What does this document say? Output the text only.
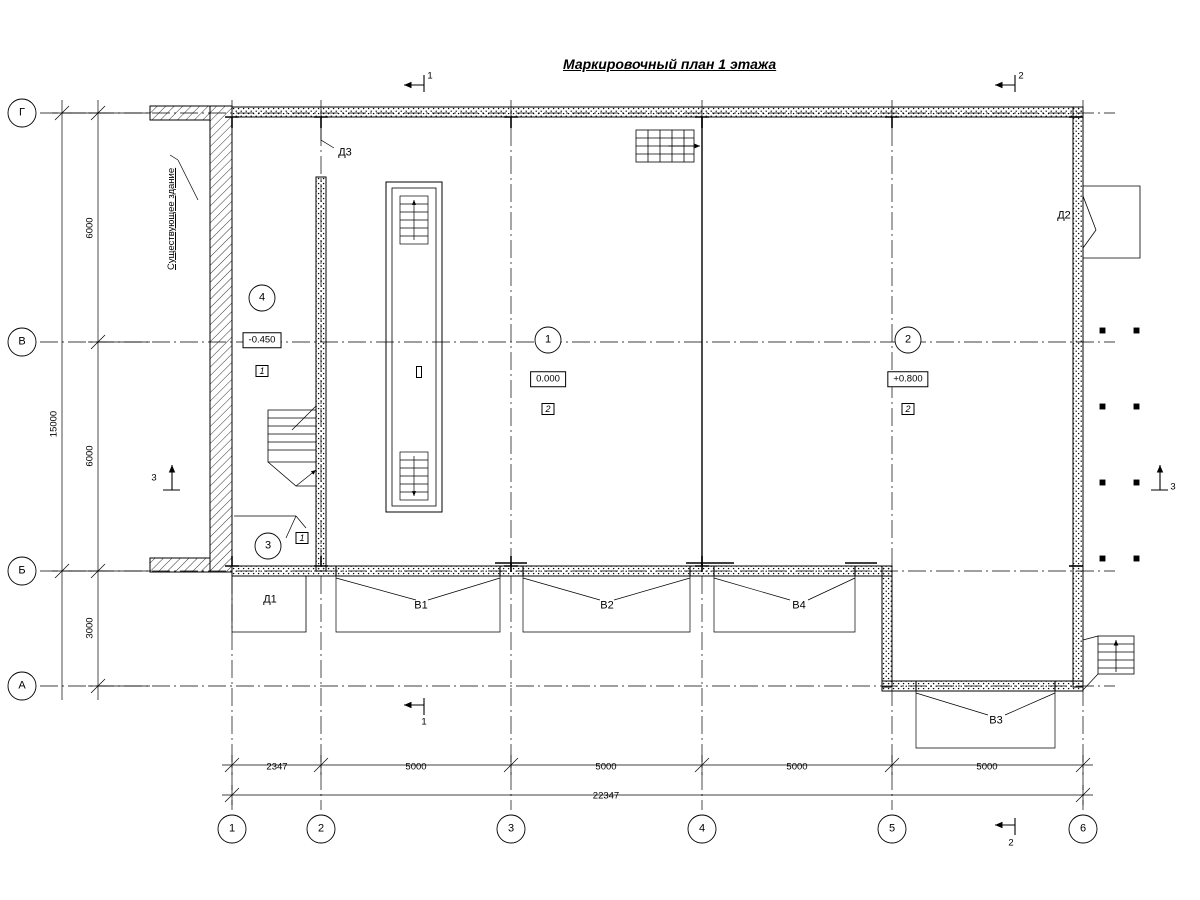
Маркировочный план 1 этажа
Г
В
Б
А
1	2	3	4	5	6
6000
6000
3000
15000
2347	5000	5000	5000	5000
22347
4
1	2
3
-0.450
0.000	+0.800
1
2	2
1
Д1
Д2
Д3
В1	В2
В3
В4
Существующее здание
1	2
1
2
3
3
